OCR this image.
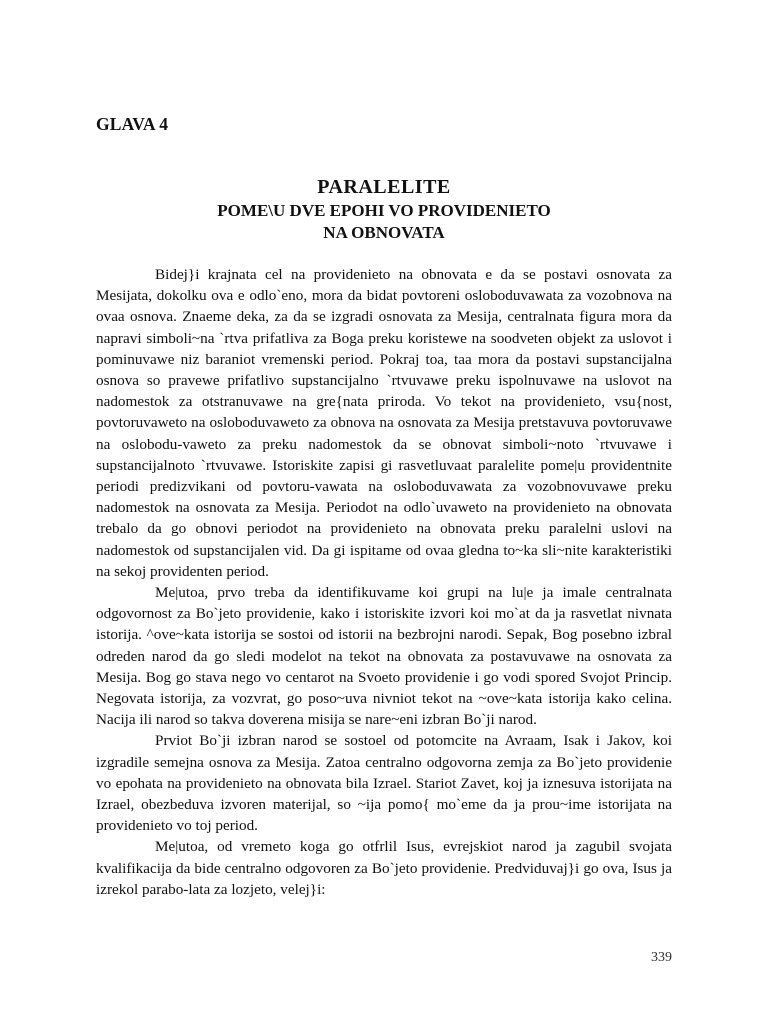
GLAVA 4
PARALELITE
POME\U DVE EPOHI VO PROVIDENIETO
NA OBNOVATA

Bidej}i krajnata cel na providenieto na obnovata e da se postavi osnovata za Mesijata, dokolku ova e odlo`eno, mora da bidat povtoreni osloboduvawata za vozobnova na ovaa osnova. Znaeme deka, za da se izgradi osnovata za Mesija, centralnata figura mora da napravi simboli~na `rtva prifatliva za Boga preku koristewe na soodveten objekt za uslovot i pominuvawe niz baraniot vremenski period. Pokraj toa, taa mora da postavi supstancijalna osnova so pravewe prifatlivo supstancijalno `rtvuvawe preku ispolnuvawe na uslovot na nadomestok za otstranuvawe na gre{nata priroda. Vo tekot na providenieto, vsu{nost, povtoruvaweto na osloboduvaweto za obnova na osnovata za Mesija pretstavuva povtoruvawe na oslobodu-vaweto za preku nadomestok da se obnovat simboli~noto `rtvuvawe i supstancijalnoto `rtvuvawe. Istoriskite zapisi gi rasvetluvaat paralelite pome|u providentnite periodi predizvikani od povtoru-vawata na osloboduvawata za vozobnovuvawe preku nadomestok na osnovata za Mesija. Periodot na odlo`uvaweto na providenieto na obnovata trebalo da go obnovi periodot na providenieto na obnovata preku paralelni uslovi na nadomestok od supstancijalen vid. Da gi ispitame od ovaa gledna to~ka sli~nite karakteristiki na sekoj providenten period.

Me|utoa, prvo treba da identifikuvame koi grupi na lu|e ja imale centralnata odgovornost za Bo`jeto providenie, kako i istoriskite izvori koi mo`at da ja rasvetlat nivnata istorija. ^ove~kata istorija se sostoi od istorii na bezbrojni narodi. Sepak, Bog posebno izbral odreden narod da go sledi modelot na tekot na obnovata za postavuvawe na osnovata za Mesija. Bog go stava nego vo centarot na Svoeto providenie i go vodi spored Svojot Princip. Negovata istorija, za vozvrat, go poso~uva nivniot tekot na ~ove~kata istorija kako celina. Nacija ili narod so takva doverena misija se nare~eni izbran Bo`ji narod.

Prviot Bo`ji izbran narod se sostoel od potomcite na Avraam, Isak i Jakov, koi izgradile semejna osnova za Mesija. Zatoa centralno odgovorna zemja za Bo`jeto providenie vo epohata na providenieto na obnovata bila Izrael. Stariot Zavet, koj ja iznesuva istorijata na Izrael, obezbeduva izvoren materijal, so ~ija pomo{ mo`eme da ja prou~ime istorijata na providenieto vo toj period.

Me|utoa, od vremeto koga go otfrlil Isus, evrejskiot narod ja zagubil svojata kvalifikacija da bide centralno odgovoren za Bo`jeto providenie. Predviduvaj}i go ova, Isus ja izrekol parabo-lata za lozjeto, velej}i:

339
